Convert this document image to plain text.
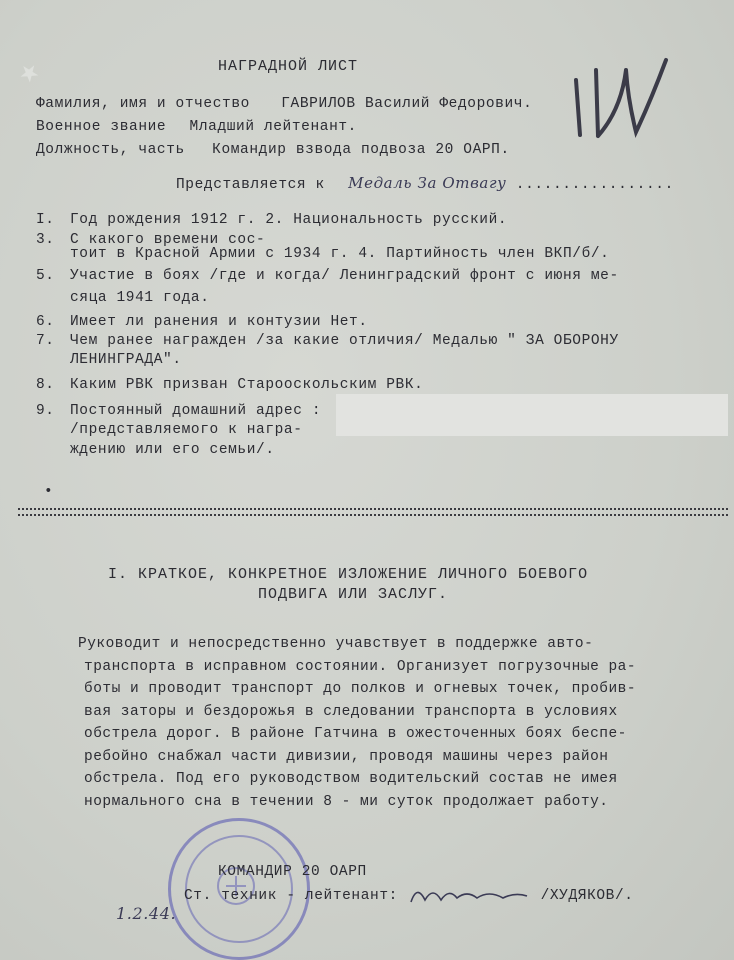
★	НАГРАДНОЙ ЛИСТ
Фамилия, имя и отчество ГАВРИЛОВ Василий Федорович.
Военное звание Младший лейтенант.
Должность, часть Командир взвода подвоза 20 ОАРП.
Представляется к Медаль За Отвагу .................
I. Год рождения 1912 г. 2. Национальность русский.
3. С какого времени сос-
тоит в Красной Армии с 1934 г. 4. Партийность член ВКП/б/.
5. Участие в боях /где и когда/ Ленинградский фронт с июня ме-
сяца 1941 года.
6. Имеет ли ранения и контузии Нет.
7. Чем ранее награжден /за какие отличия/ Медалью " ЗА ОБОРОНУ
ЛЕНИНГРАДА".
8. Каким РВК призван Старооскольским РВК.
9. Постоянный домашний адрес :
/представляемого к награ-
ждению или его семьи/.
•
I. КРАТКОЕ, КОНКРЕТНОЕ ИЗЛОЖЕНИЕ ЛИЧНОГО БОЕВОГО
ПОДВИГА ИЛИ ЗАСЛУГ.
Руководит и непосредственно учавствует в поддержке авто-
транспорта в исправном состоянии. Организует погрузочные ра-
боты и проводит транспорт до полков и огневых точек, пробив-
вая заторы и бездорожья в следовании транспорта в условиях
обстрела дорог. В районе Гатчина в ожесточенных боях беспе-
ребойно снабжал части дивизии, проводя машины через район
обстрела. Под его руководством водительский состав не имея
нормального сна в течении 8 - ми суток продолжает работу.
КОМАНДИР 20 ОАРП
Ст. техник - лейтенант:	/ХУДЯКОВ/.
1.2.44.
